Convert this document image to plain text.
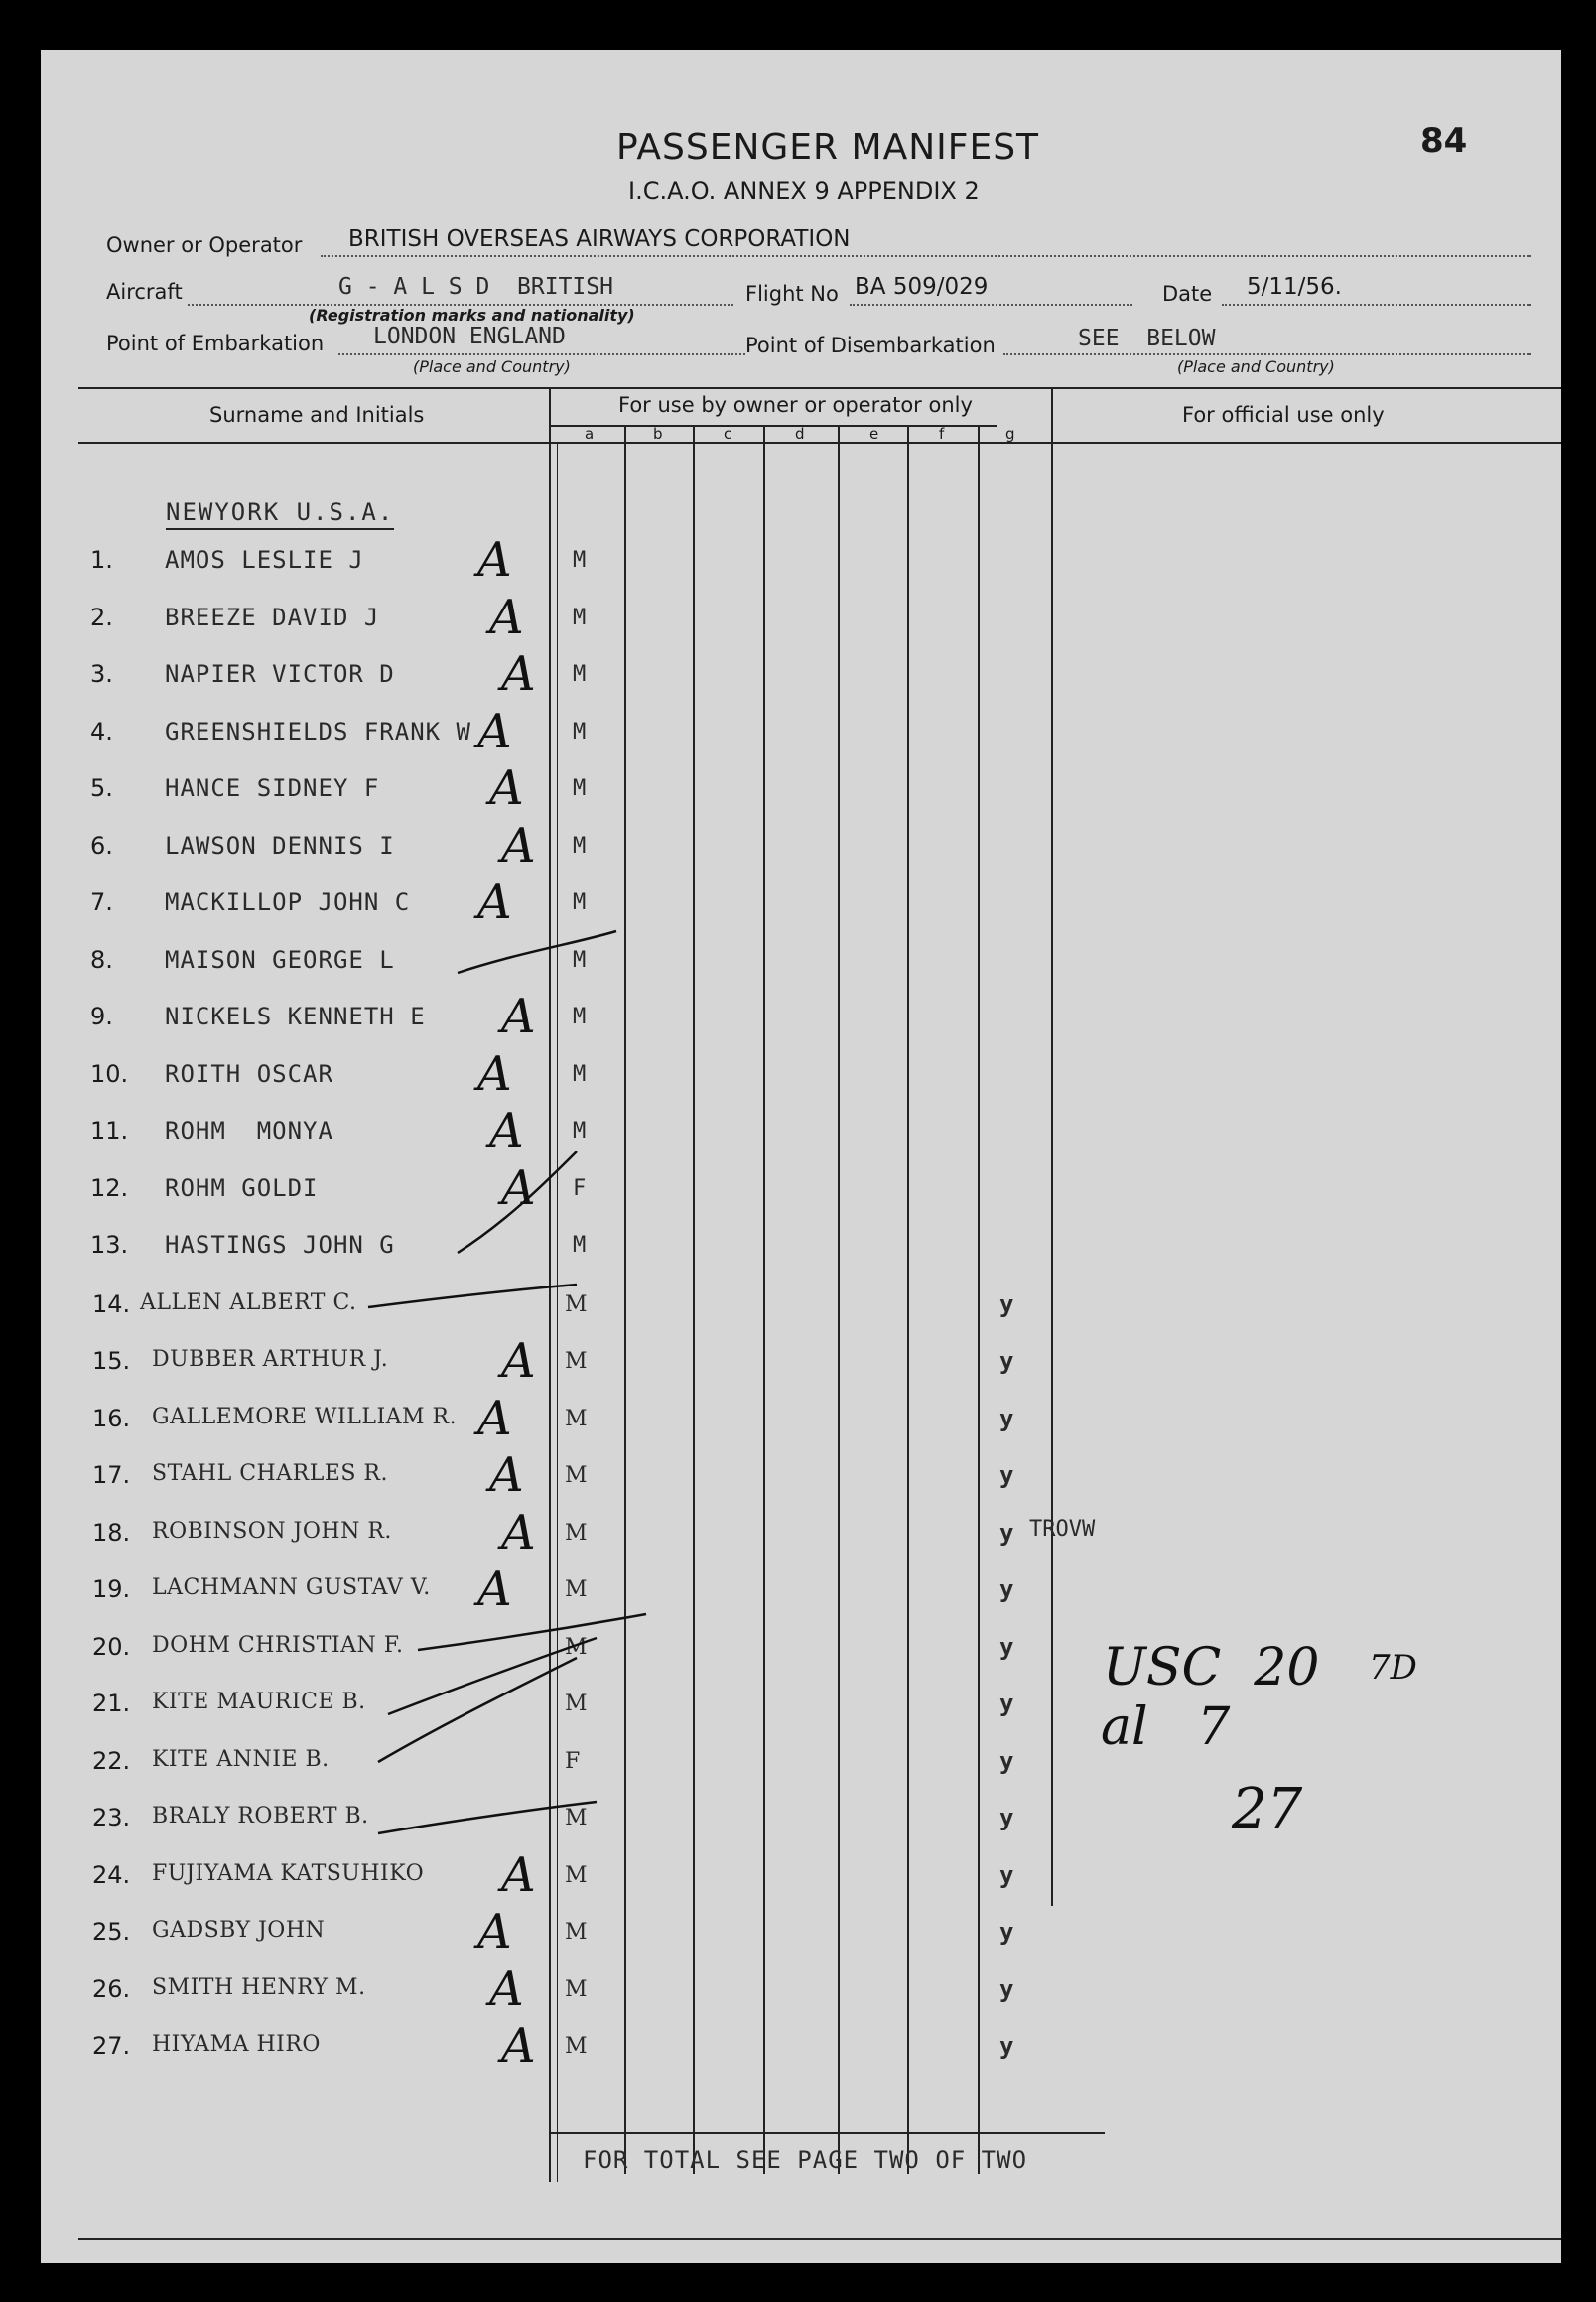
PASSENGER MANIFEST
I.C.A.O. ANNEX 9 APPENDIX 2
84
Owner or Operator BRITISH OVERSEAS AIRWAYS CORPORATION
Aircraft	G - A L S D  BRITISH
(Registration marks and nationality)
Flight No BA 509/029	Date 5/11/56.
Point of Embarkation LONDON ENGLAND
(Place and Country)
Point of Disembarkation	SEE  BELOW
(Place and Country)
Surname and Initials	For use by owner or operator only	For official use only
a	b	c	d	e	f	g
NEWYORK U.S.A.
1. AMOS LESLIE J A	M
2. BREEZE DAVID J A M
3. NAPIER VICTOR D A M
4. GREENSHIELDS FRANK W A	M
5. HANCE SIDNEY F A M
6. LAWSON DENNIS I A M
7. MACKILLOP JOHN C A	M
8. MAISON GEORGE L	M
9. NICKELS KENNETH E A M
10. ROITH OSCAR	A	M
11. ROHM  MONYA	A M
12. ROHM GOLDI	A F
13. HASTINGS JOHN G	M
14. ALLEN ALBERT C.	M	y
15. DUBBER ARTHUR J. A M	y
16. GALLEMORE WILLIAM R. A M	y
17. STAHL CHARLES R. A M	y
18. ROBINSON JOHN R. A M	y TROVW
19. LACHMANN GUSTAV V. A M	y
20. DOHM CHRISTIAN F.	M	y
21. KITE MAURICE B.	M	y
22. KITE ANNIE B.	F	y
23. BRALY ROBERT B.	M	y
24. FUJIYAMA KATSUHIKO A M	y
25. GADSBY JOHN	A M	y
26. SMITH HENRY M.	A M	y
27. HIYAMA HIRO	A M	y
FOR TOTAL SEE PAGE TWO OF TWO
USC  20 7D
al   7
27
